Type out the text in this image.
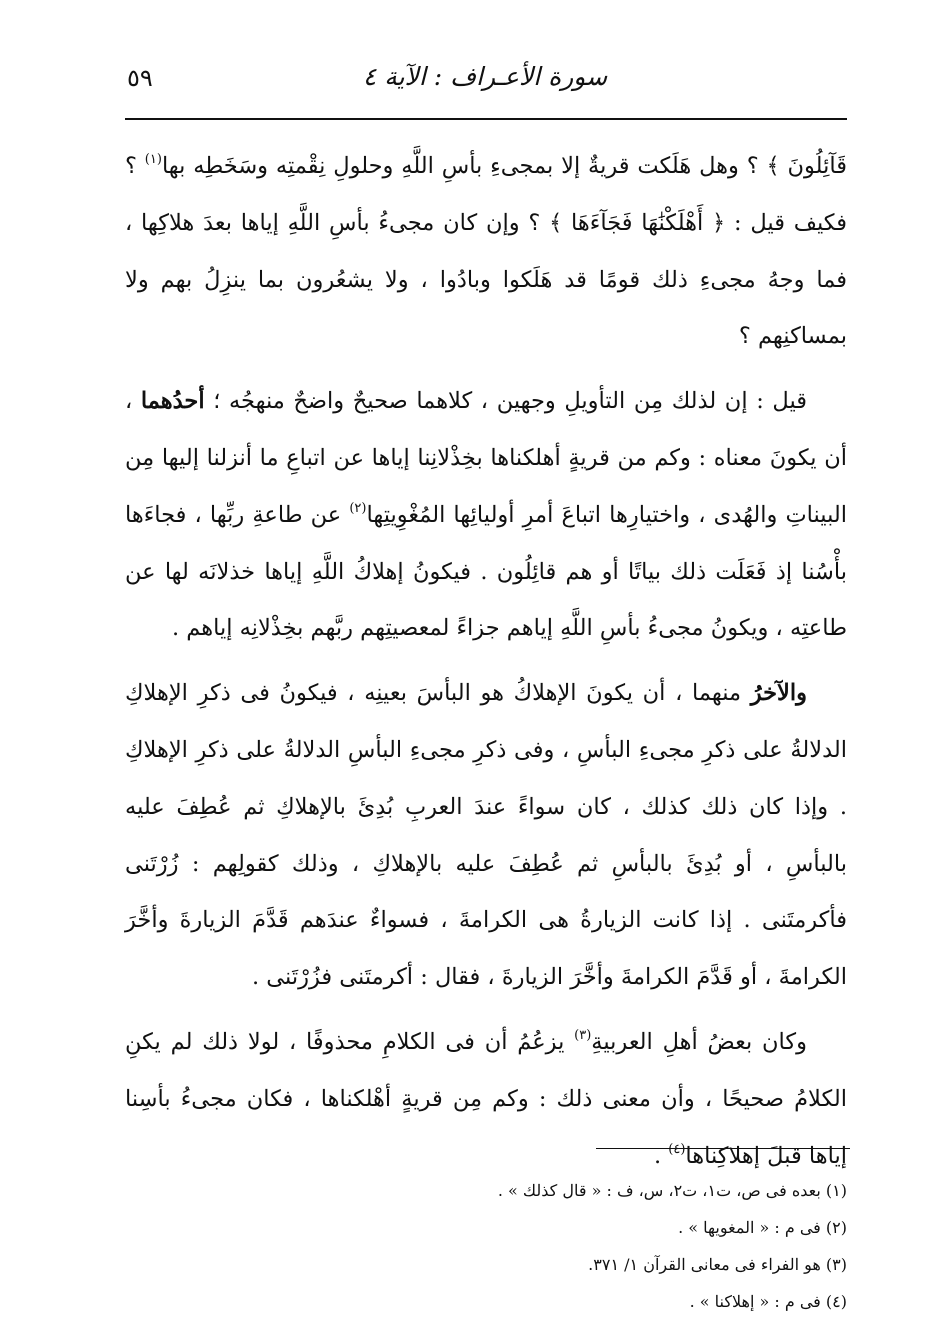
سورة الأعـراف : الآية ٤
٥٩

قَآئِلُونَ ﴾ ؟ وهل هَلَكت قريةٌ إلا بمجىءِ بأسِ اللَّهِ وحلولِ نِقْمتِه وسَخَطِه بها$^{(١)}$ ؟ فكيف قيل : ﴿ أَهْلَكْنَٰهَا فَجَآءَهَا ﴾ ؟ وإن كان مجىءُ بأسِ اللَّهِ إياها بعدَ هلاكِها ، فما وجهُ مجىءِ ذلك قومًا قد هَلَكوا وبادُوا ، ولا يشعُرون بما ينزِلُ بهم ولا بمساكنِهم ؟

قيل : إن لذلك مِن التأويلِ وجهين ، كلاهما صحيحٌ واضحٌ منهجُه ؛ أحدُهما ، أن يكونَ معناه : وكم من قريةٍ أهلكناها بخِذْلانِنا إياها عن اتباعِ ما أنزلنا إليها مِن البيناتِ والهُدى ، واختيارِها اتباعَ أمرِ أوليائِها المُغْوِيتِها$^{(٢)}$ عن طاعةِ ربِّها ، فجاءَها بأْسُنا إذ فَعَلَت ذلك بياتًا أو هم قائِلُون . فيكونُ إهلاكُ اللَّهِ إياها خذلانَه لها عن طاعتِه ، ويكونُ مجىءُ بأسِ اللَّهِ إياهم جزاءً لمعصيتِهم ربَّهم بخِذْلانِه إياهم .

والآخرُ منهما ، أن يكونَ الإهلاكُ هو البأسَ بعينِه ، فيكونُ فى ذكرِ الإهلاكِ الدلالةُ على ذكرِ مجىءِ البأسِ ، وفى ذكرِ مجىءِ البأسِ الدلالةُ على ذكرِ الإهلاكِ . وإذا كان ذلك كذلك ، كان سواءً عندَ العربِ بُدِئَ بالإهلاكِ ثم عُطِفَ عليه بالبأسِ ، أو بُدِئَ بالبأسِ ثم عُطِفَ عليه بالإهلاكِ ، وذلك كقولِهم : زُرْتَنى فأكرمتَنى . إذا كانت الزيارةُ هى الكرامةَ ، فسواءٌ عندَهم قَدَّمَ الزيارةَ وأخَّرَ الكرامةَ ، أو قَدَّمَ الكرامةَ وأخَّرَ الزيارةَ ، فقال : أكرمتَنى فزُرْتَنى .

وكان بعضُ أهلِ العربيةِ$^{(٣)}$ يزعُمُ أن فى الكلامِ محذوفًا ، لولا ذلك لم يكنِ الكلامُ صحيحًا ، وأن معنى ذلك : وكم مِن قريةٍ أهْلكناها ، فكان مجىءُ بأسِنا إياها قبلَ إهلاكِناها$^{(٤)}$ .

(١) بعده فى ص، ت١، ت٢، س، ف : « قال كذلك » .

(٢) فى م : « المغويها » .

(٣) هو الفراء فى معانى القرآن ١/ ٣٧١.

(٤) فى م : « إهلاكنا » .
